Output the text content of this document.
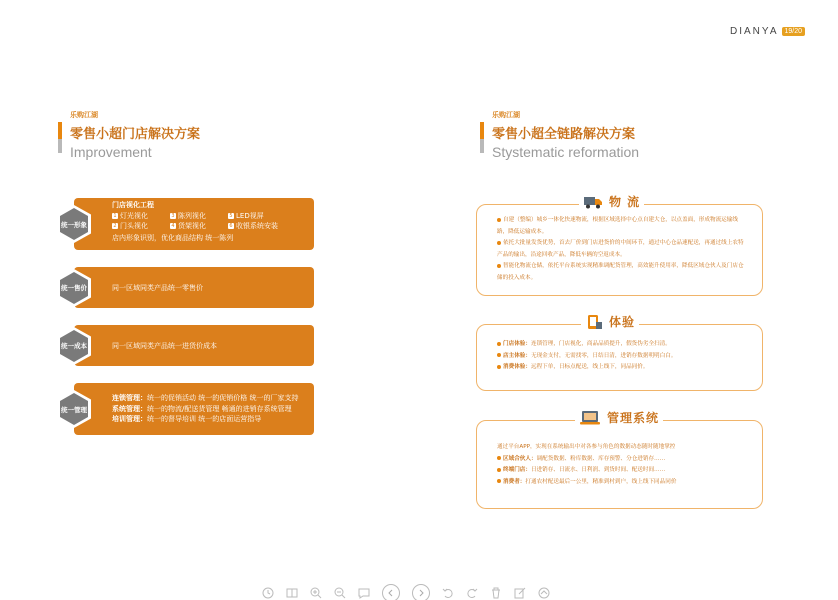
DIANYA 19/20
乐购江湖
零售小超门店解决方案
Improvement
统一形象
门店视化工程
1 灯光视化	3 陈列视化	5 LED视屏
2 门头视化	4 货架视化	6 收银系统安装
店内形象识别，优化商品结构 统一陈列
统一售价	同一区域同类产品统一零售价
统一成本	同一区域同类产品统一进货价成本
统一管理
连锁管理：统一的促销活动 统一的促销价格 统一的厂家支持
系统管理：统一的物流/配送货管理 畅通的进销存系统管理
培训管理：统一的督导培训 统一的店面运营指导
乐购江湖
零售小超全链路解决方案
Stystematic reformation
物 流

自建（整编）城乡一体化快速物流，根据区域选择中心点自建大仓，以点盖面，形成物流运输线路，降低运输成本。

依托大批量发货优势，首去厂价到门店进货价的中间环节，通过中心仓品速配送，再通过线上农特产品的输出，沿途回收产品，降低车辆的空返成本。

智能化物流仓储，依托平台系统实现精准调配货管理，高效能升使用率，降低区域仓伙人及门店仓储的投入成本。

体验

门店体验：连锁管理，门店视化，商品品质提升，假货伪劣全扫清。

店主体验：无现金支付，无需找零，日结日清，进销存数据明明白白。

消费体验：远程下单，日标点配送，线上线下，同品同价。

管理系统

通过平台APP，实现在系统输出中对各参与角色的数据动态随时随地掌控

区域合伙人：调配货数据、粉库数据、库存预警、分仓进销存……

终端门店：日进销存、日流水、日利润、到货时间、配送时间……

消费者：打通农村配送最后一公里，精准到村到户，线上线下同品同价
